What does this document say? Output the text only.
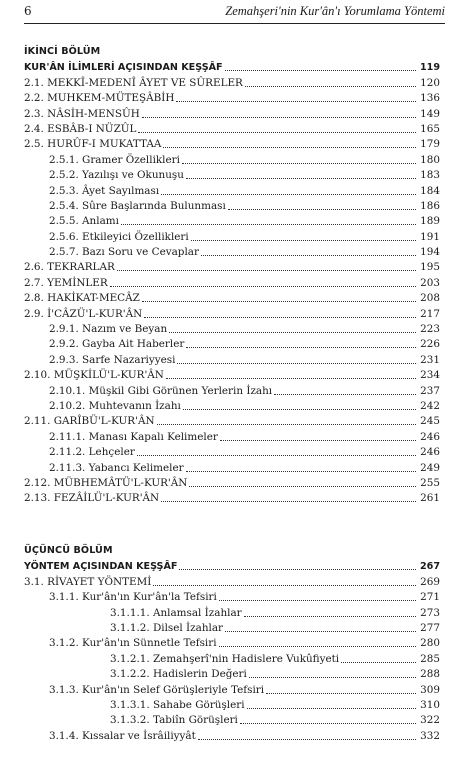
6	Zemahşeri'nin Kur'ân'ı Yorumlama Yöntemi
İKİNCİ BÖLÜM
KUR'ÂN İLİMLERİ AÇISINDAN KEŞŞÂF	119
2.1. MEKKÎ-MEDENÎ ÂYET VE SÛRELER	120
2.2. MUHKEM-MÜTEŞÂBİH	136
2.3. NÂSİH-MENSÛH	149
2.4. ESBÂB-I NÜZÛL	165
2.5. HURÛF-I MUKATTAA	179
2.5.1. Gramer Özellikleri	180
2.5.2. Yazılışı ve Okunuşu	183
2.5.3. Âyet Sayılması	184
2.5.4. Sûre Başlarında Bulunması	186
2.5.5. Anlamı	189
2.5.6. Etkileyici Özellikleri	191
2.5.7. Bazı Soru ve Cevaplar	194
2.6. TEKRARLAR	195
2.7. YEMİNLER	203
2.8. HAKİKAT-MECÂZ	208
2.9. İ'CÂZÜ'L-KUR'ÂN	217
2.9.1. Nazım ve Beyan	223
2.9.2. Gayba Ait Haberler	226
2.9.3. Sarfe Nazariyyesi	231
2.10. MÜŞKİLÜ'L-KUR'ÂN	234
2.10.1. Müşkil Gibi Görünen Yerlerin İzahı	237
2.10.2. Muhtevanın İzahı	242
2.11. GARÎBÜ'L-KUR'ÂN	245
2.11.1. Manası Kapalı Kelimeler	246
2.11.2. Lehçeler	246
2.11.3. Yabancı Kelimeler	249
2.12. MÜBHEMÂTÜ'L-KUR'ÂN	255
2.13. FEZÂİLÜ'L-KUR'ÂN	261
ÜÇÜNCÜ BÖLÜM
YÖNTEM AÇISINDAN KEŞŞÂF	267
3.1. RİVAYET YÖNTEMİ	269
3.1.1. Kur'ân'ın Kur'ân'la Tefsiri	271
3.1.1.1. Anlamsal İzahlar	273
3.1.1.2. Dilsel İzahlar	277
3.1.2. Kur'ân'ın Sünnetle Tefsiri	280
3.1.2.1. Zemahşerî'nin Hadislere Vukûfiyeti	285
3.1.2.2. Hadislerin Değeri	288
3.1.3. Kur'ân'ın Selef Görüşleriyle Tefsiri	309
3.1.3.1. Sahabe Görüşleri	310
3.1.3.2. Tabiîn Görüşleri	322
3.1.4. Kıssalar ve İsrâiliyyât	332
